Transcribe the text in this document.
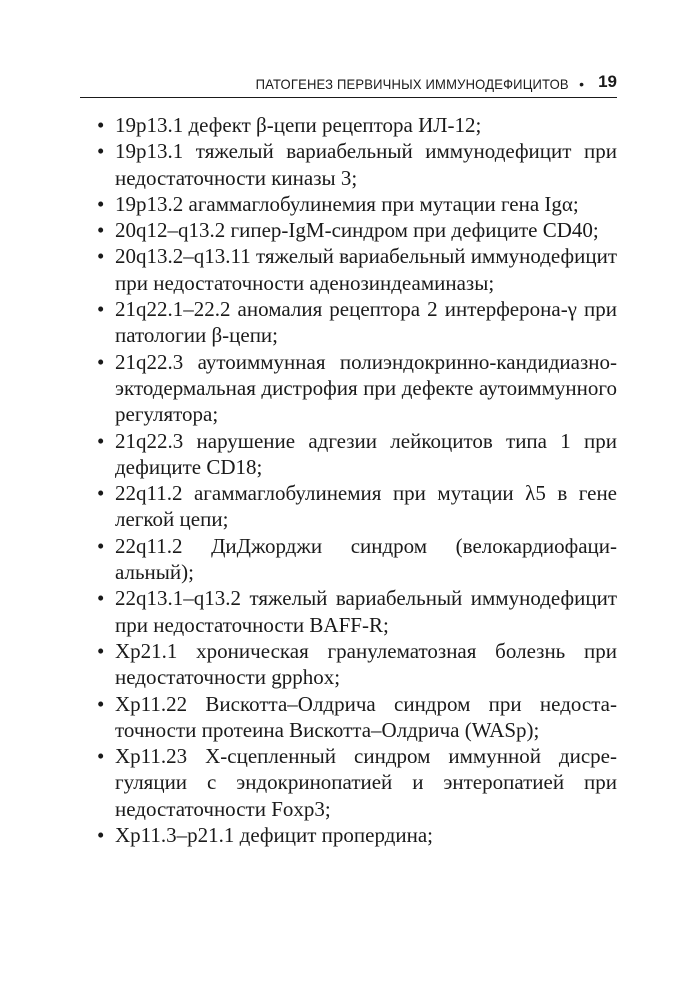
ПАТОГЕНЕЗ ПЕРВИЧНЫХ ИММУНОДЕФИЦИТОВ • 19
• 19p13.1 дефект β-цепи рецептора ИЛ-12;
• 19p13.1 тяжелый вариабельный иммунодефицит при недостаточности киназы 3;
• 19p13.2 агаммаглобулинемия при мутации гена Igα;
• 20q12–q13.2 гипер-IgM-синдром при дефиците CD40;
• 20q13.2–q13.11 тяжелый вариабельный иммунодефицит при недостаточности аденозиндеаминазы;
• 21q22.1–22.2 аномалия рецептора 2 интерферона-γ при патологии β-цепи;
• 21q22.3 аутоиммунная полиэндокринно-кандидиазно-эктодермальная дистрофия при дефекте аутоиммунного регулятора;
• 21q22.3 нарушение адгезии лейкоцитов типа 1 при дефиците CD18;
• 22q11.2 агаммаглобулинемия при мутации λ5 в гене легкой цепи;
• 22q11.2 ДиДжорджи синдром (велокардиофациальный);
• 22q13.1–q13.2 тяжелый вариабельный иммунодефицит при недостаточности BAFF-R;
• Xp21.1 хроническая гранулематозная болезнь при недостаточности gpphox;
• Xp11.22 Вискотта–Олдрича синдром при недостаточности протеина Вискотта–Олдрича (WASp);
• Xp11.23 X-сцепленный синдром иммунной дисрегуляции с эндокринопатией и энтеропатией при недостаточности Foxp3;
• Xp11.3–p21.1 дефицит пропердина;
